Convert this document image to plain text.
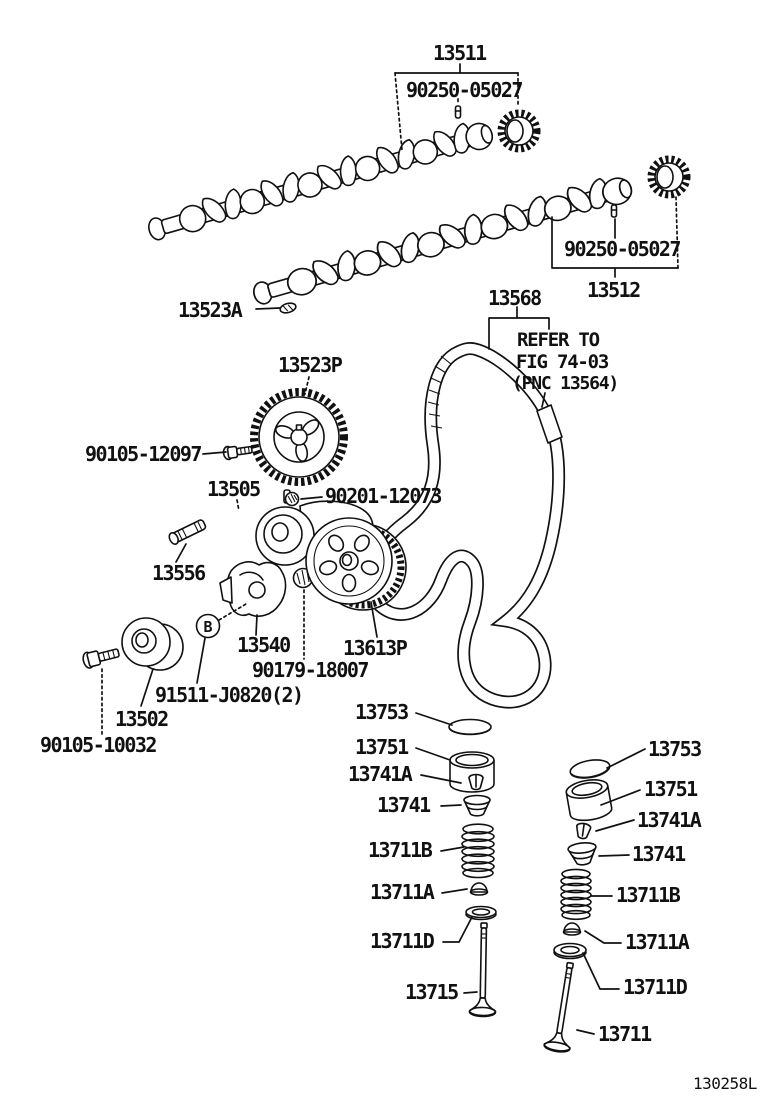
B
13511
90250-05027
90250-05027
13512
13523A
13523P
13568
REFER TO
FIG 74-03
(PNC 13564)
90105-12097
13505	90201-12073
13556
13540	13613P
90179-18007
91511-J0820(2)
13502
90105-10032
13753
13751
13741A
13741
13711B
13711A
13711D
13715
13753
13751
13741A
13741
13711B
13711A
13711D
13711
130258L
